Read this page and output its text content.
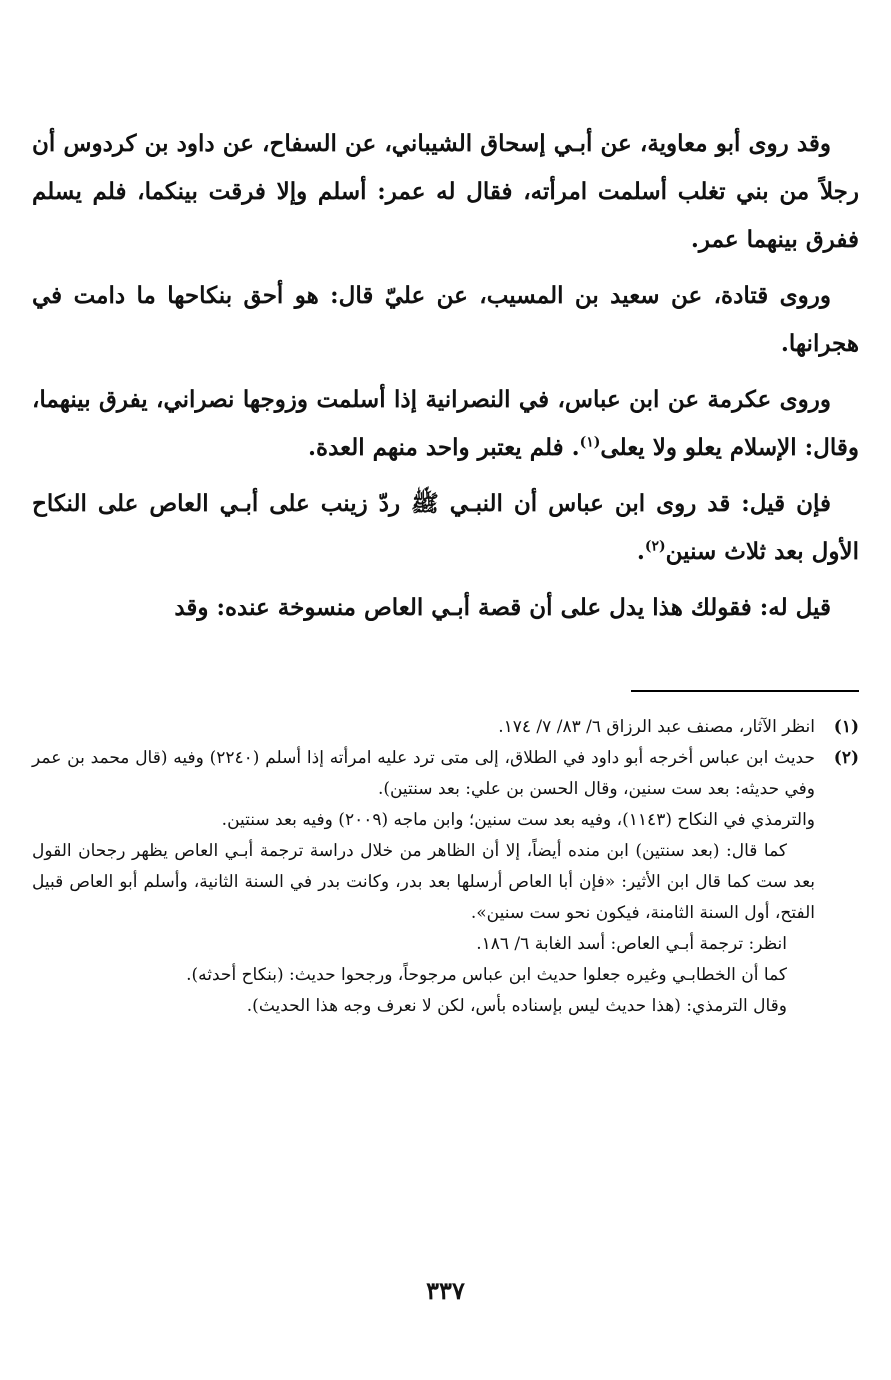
وقد روى أبو معاوية، عن أبـي إسحاق الشيباني، عن السفاح، عن داود بن كردوس أن رجلاً من بني تغلب أسلمت امرأته، فقال له عمر: أسلم وإلا فرقت بينكما، فلم يسلم ففرق بينهما عمر.

وروى قتادة، عن سعيد بن المسيب، عن عليّ قال: هو أحق بنكاحها ما دامت في هجرانها.

وروى عكرمة عن ابن عباس، في النصرانية إذا أسلمت وزوجها نصراني، يفرق بينهما، وقال: الإسلام يعلو ولا يعلى$^{(١)}$. فلم يعتبر واحد منهم العدة.

فإن قيل: قد روى ابن عباس أن النبـي ﷺ ردّ زينب على أبـي العاص على النكاح الأول بعد ثلاث سنين$^{(٢)}$.

قيل له: فقولك هذا يدل على أن قصة أبـي العاص منسوخة عنده: وقد

(١)

انظر الآثار، مصنف عبد الرزاق ٦/ ٨٣/ ٧/ ١٧٤.

(٢)

حديث ابن عباس أخرجه أبو داود في الطلاق، إلى متى ترد عليه امرأته إذا أسلم (٢٢٤٠) وفيه (قال محمد بن عمر وفي حديثه: بعد ست سنين، وقال الحسن بن علي: بعد سنتين).

والترمذي في النكاح (١١٤٣)، وفيه بعد ست سنين؛ وابن ماجه (٢٠٠٩) وفيه بعد سنتين.

كما قال: (بعد سنتين) ابن منده أيضاً، إلا أن الظاهر من خلال دراسة ترجمة أبـي العاص يظهر رجحان القول بعد ست كما قال ابن الأثير: «فإن أبا العاص أرسلها بعد بدر، وكانت بدر في السنة الثانية، وأسلم أبو العاص قبيل الفتح، أول السنة الثامنة، فيكون نحو ست سنين».

انظر: ترجمة أبـي العاص: أسد الغابة ٦/ ١٨٦.

كما أن الخطابـي وغيره جعلوا حديث ابن عباس مرجوحاً، ورجحوا حديث: (بنكاح أحدثه).

وقال الترمذي: (هذا حديث ليس بإسناده بأس، لكن لا نعرف وجه هذا الحديث).

٣٣٧
